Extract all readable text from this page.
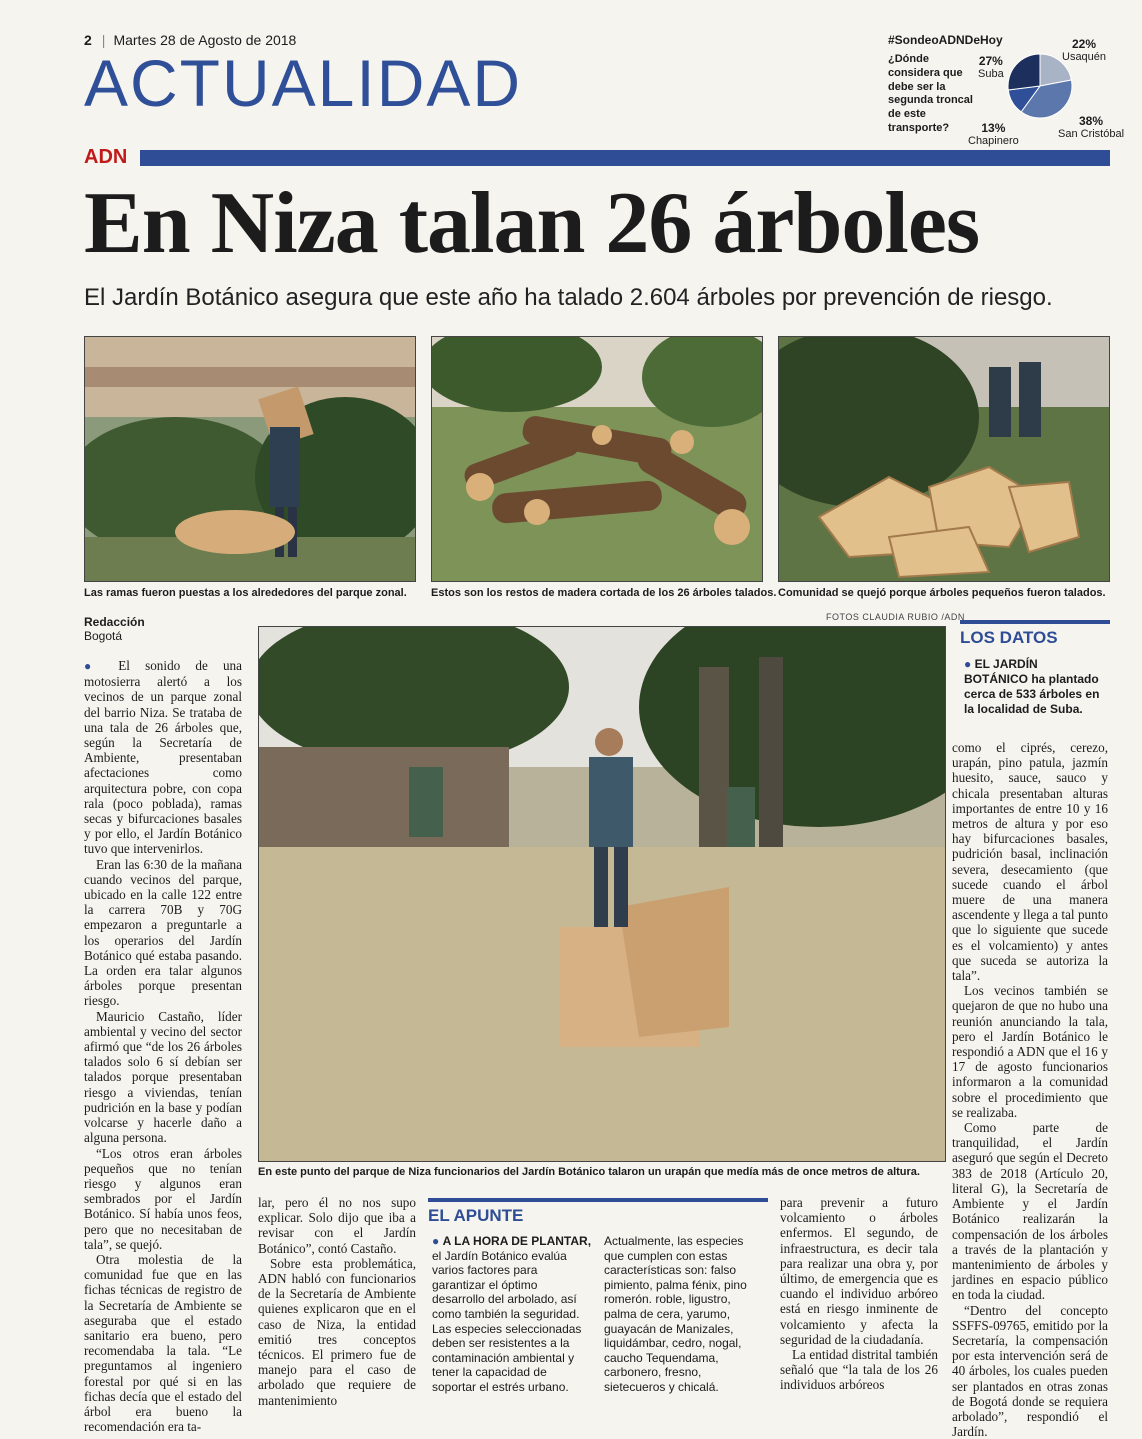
2 | Martes 28 de Agosto de 2018
ACTUALIDAD
ADN
#SondeoADNDeHoy
¿Dónde considera que debe ser la segunda troncal de este transporte?
22%
Usaquén
38%
San Cristóbal
13%
Chapinero
27%
Suba
En Niza talan 26 árboles
El Jardín Botánico asegura que este año ha talado 2.604 árboles por prevención de riesgo.
Las ramas fueron puestas a los alrededores del parque zonal. Estos son los restos de madera cortada de los 26 árboles talados. Comunidad se quejó porque árboles pequeños fueron talados.
FOTOS CLAUDIA RUBIO /ADN
En este punto del parque de Niza funcionarios del Jardín Botánico talaron un urapán que medía más de once metros de altura.
Redacción
Bogotá

● El sonido de una motosierra alertó a los vecinos de un parque zonal del barrio Niza. Se trataba de una tala de 26 árboles que, según la Secretaría de Ambiente, presentaban afectaciones como arquitectura pobre, con copa rala (poco poblada), ramas secas y bifurcaciones basales y por ello, el Jardín Botánico tuvo que intervenirlos.

Eran las 6:30 de la mañana cuando vecinos del parque, ubicado en la calle 122 entre la carrera 70B y 70G empezaron a preguntarle a los operarios del Jardín Botánico qué estaba pasando. La orden era talar algunos árboles porque presentan riesgo.

Mauricio Castaño, líder ambiental y vecino del sector afirmó que “de los 26 árboles talados solo 6 sí debían ser talados porque presentaban riesgo a viviendas, tenían pudrición en la base y podían volcarse y hacerle daño a alguna persona.

“Los otros eran árboles pequeños que no tenían riesgo y algunos eran sembrados por el Jardín Botánico. Sí había unos feos, pero que no necesitaban de tala”, se quejó.

Otra molestia de la comunidad fue que en las fichas técnicas de registro de la Secretaría de Ambiente se aseguraba que el estado sanitario era bueno, pero recomendaba la tala. “Le preguntamos al ingeniero forestal por qué si en las fichas decía que el estado del árbol era bueno la recomendación era ta-

lar, pero él no nos supo explicar. Solo dijo que iba a revisar con el Jardín Botánico”, contó Castaño.

Sobre esta problemática, ADN habló con funcionarios de la Secretaría de Ambiente quienes explicaron que en el caso de Niza, la entidad emitió tres conceptos técnicos. El primero fue de manejo para el caso de arbolado que requiere de mantenimiento

EL APUNTE

● A LA HORA DE PLANTAR, el Jardín Botánico evalúa varios factores para garantizar el óptimo desarrollo del arbolado, así como también la seguridad. Las especies seleccionadas deben ser resistentes a la contaminación ambiental y tener la capacidad de soportar el estrés urbano.

Actualmente, las especies que cumplen con estas características son: falso pimiento, palma fénix, pino romerón. roble, ligustro, palma de cera, yarumo, guayacán de Manizales, liquidámbar, cedro, nogal, caucho Tequendama, carbonero, fresno, sietecueros y chicalá.

para prevenir a futuro volcamiento o árboles enfermos. El segundo, de infraestructura, es decir tala para realizar una obra y, por último, de emergencia que es cuando el individuo arbóreo está en riesgo inminente de volcamiento y afecta la seguridad de la ciudadanía.

La entidad distrital también señaló que “la tala de los 26 individuos arbóreos

LOS DATOS
● EL JARDÍN BOTÁNICO ha plantado cerca de 533 árboles en la localidad de Suba.

como el ciprés, cerezo, urapán, pino patula, jazmín huesito, sauce, sauco y chicala presentaban alturas importantes de entre 10 y 16 metros de altura y por eso hay bifurcaciones basales, pudrición basal, inclinación severa, desecamiento (que sucede cuando el árbol muere de una manera ascendente y llega a tal punto que lo siguiente que sucede es el volcamiento) y antes que suceda se autoriza la tala”.

Los vecinos también se quejaron de que no hubo una reunión anunciando la tala, pero el Jardín Botánico le respondió a ADN que el 16 y 17 de agosto funcionarios informaron a la comunidad sobre el procedimiento que se realizaba.

Como parte de tranquilidad, el Jardín aseguró que según el Decreto 383 de 2018 (Artículo 20, literal G), la Secretaría de Ambiente y el Jardín Botánico realizarán la compensación de los árboles a través de la plantación y mantenimiento de árboles y jardines en espacio público en toda la ciudad.

“Dentro del concepto SSFFS-09765, emitido por la Secretaría, la compensación por esta intervención será de 40 árboles, los cuales pueden ser plantados en otras zonas de Bogotá donde se requiera arbolado”, respondió el Jardín.
